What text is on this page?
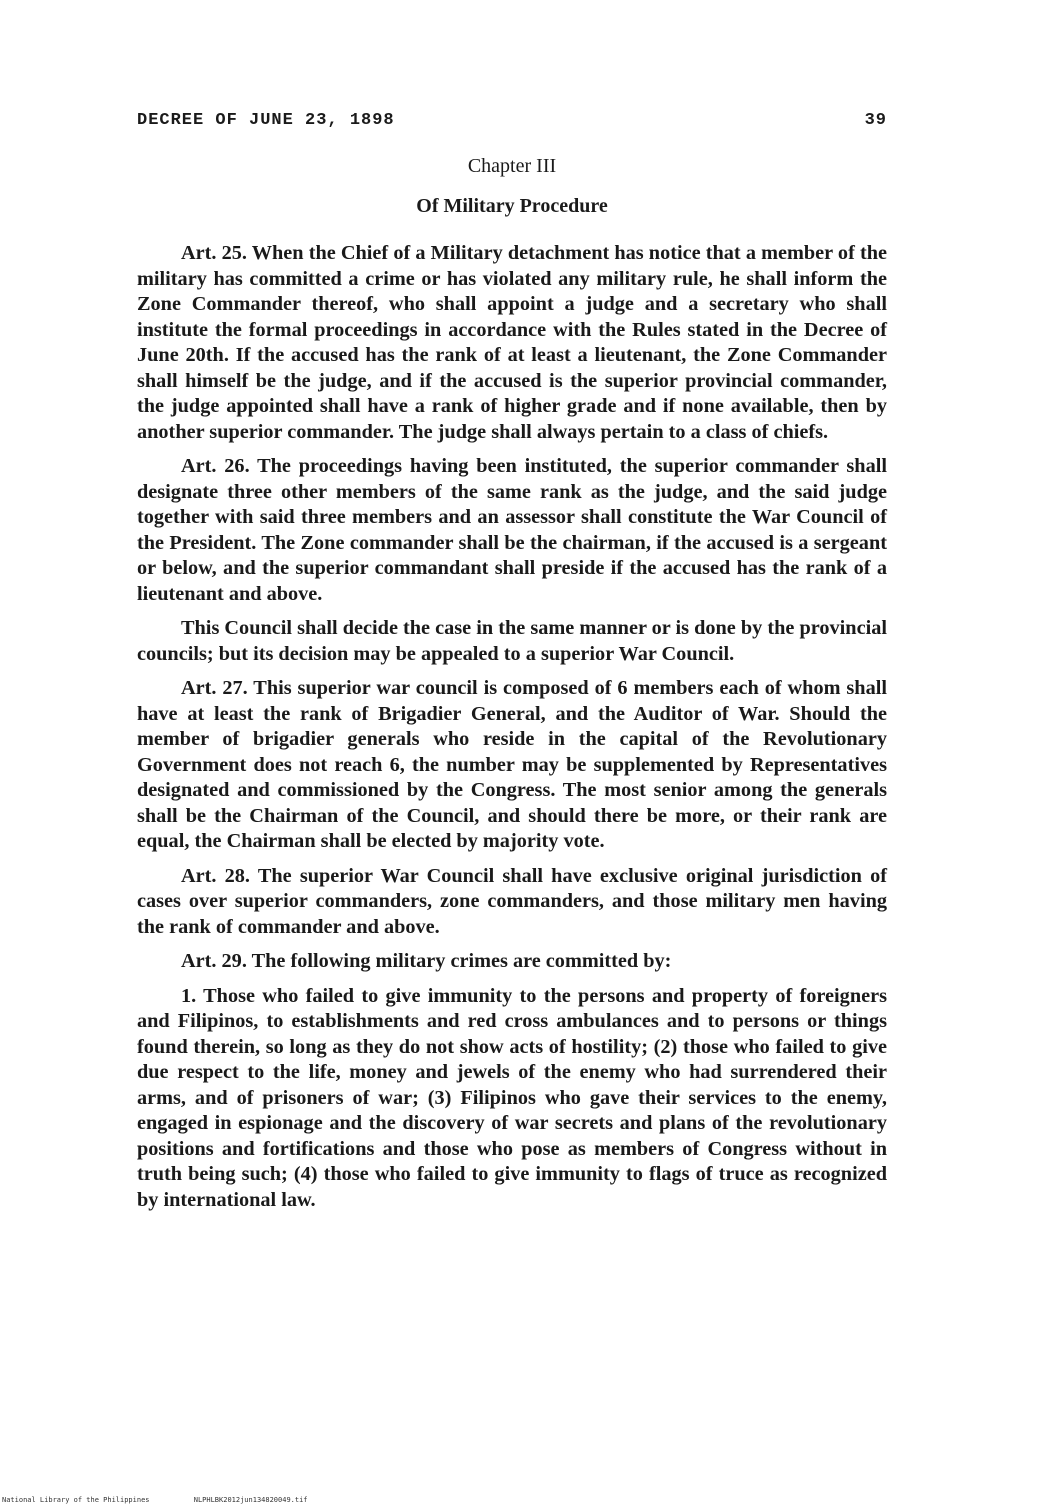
DECREE OF JUNE 23, 1898	39
Chapter III
Of Military Procedure

Art. 25. When the Chief of a Military detachment has notice that a member of the military has committed a crime or has violated any military rule, he shall inform the Zone Commander thereof, who shall appoint a judge and a secretary who shall institute the formal proceedings in accordance with the Rules stated in the Decree of June 20th. If the accused has the rank of at least a lieutenant, the Zone Commander shall himself be the judge, and if the accused is the superior provincial commander, the judge appointed shall have a rank of higher grade and if none available, then by another superior commander. The judge shall always pertain to a class of chiefs.

Art. 26. The proceedings having been instituted, the superior commander shall designate three other members of the same rank as the judge, and the said judge together with said three members and an assessor shall constitute the War Council of the President. The Zone commander shall be the chairman, if the accused is a sergeant or below, and the superior commandant shall preside if the accused has the rank of a lieutenant and above.

This Council shall decide the case in the same manner or is done by the provincial councils; but its decision may be appealed to a superior War Council.

Art. 27. This superior war council is composed of 6 members each of whom shall have at least the rank of Brigadier General, and the Auditor of War. Should the member of brigadier generals who reside in the capital of the Revolutionary Government does not reach 6, the number may be supplemented by Representatives designated and commissioned by the Congress. The most senior among the generals shall be the Chairman of the Council, and should there be more, or their rank are equal, the Chairman shall be elected by majority vote.

Art. 28. The superior War Council shall have exclusive original jurisdiction of cases over superior commanders, zone commanders, and those military men having the rank of commander and above.

Art. 29. The following military crimes are committed by:

1. Those who failed to give immunity to the persons and property of foreigners and Filipinos, to establishments and red cross ambulances and to persons or things found therein, so long as they do not show acts of hostility; (2) those who failed to give due respect to the life, money and jewels of the enemy who had surrendered their arms, and of prisoners of war; (3) Filipinos who gave their services to the enemy, engaged in espionage and the discovery of war secrets and plans of the revolutionary positions and fortifications and those who pose as members of Congress without in truth being such; (4) those who failed to give immunity to flags of truce as recognized by international law.

National Library of the Philippines	NLPHLBK2012jun134820049.tif
